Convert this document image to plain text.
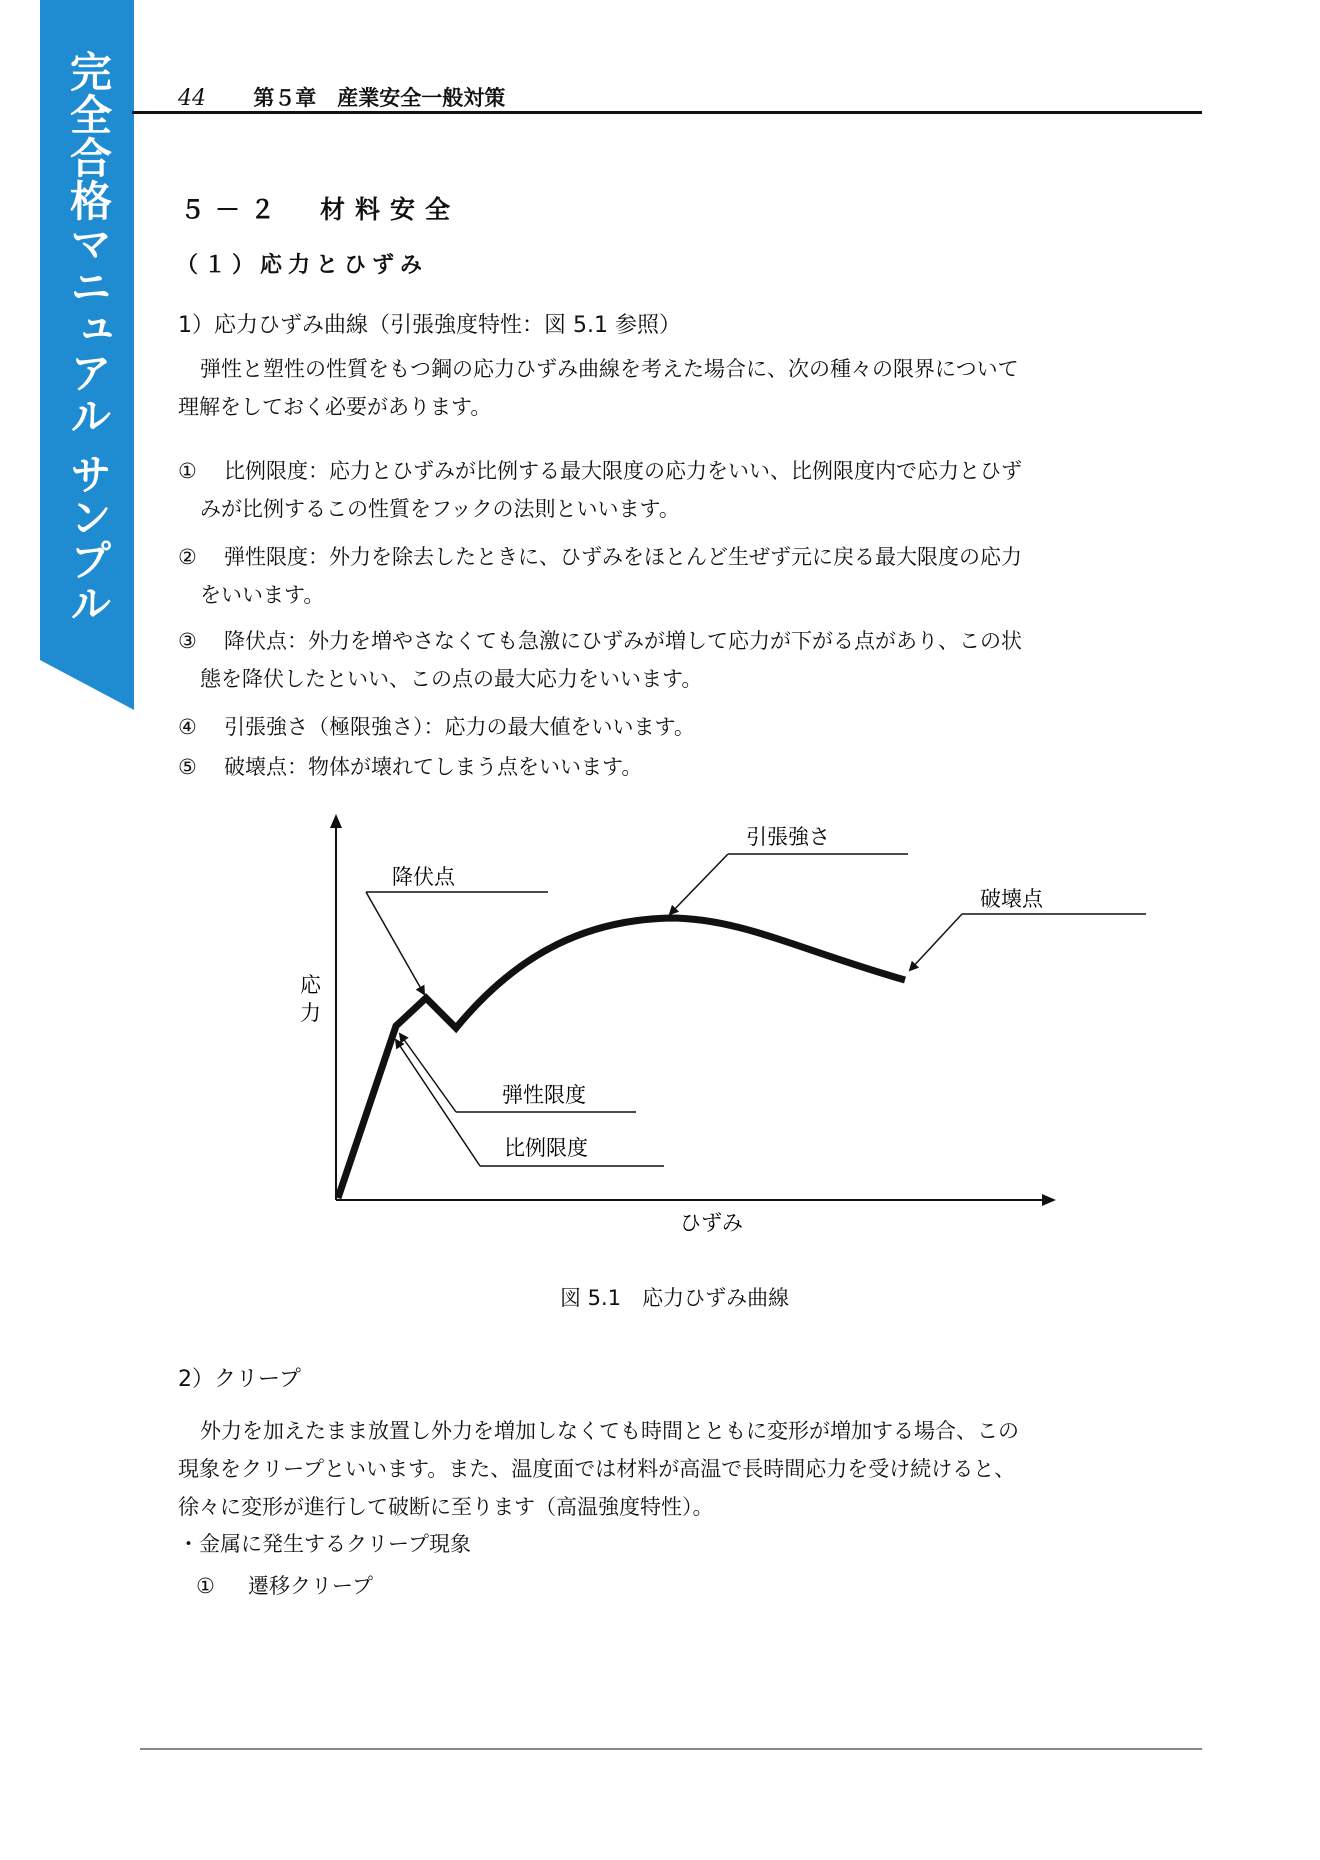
完全合格マニュアル サンプル	44 第５章　産業安全一般対策
５－２　材料安全
（１）応力とひずみ
1）応力ひずみ曲線（引張強度特性：図 5.1 参照）
弾性と塑性の性質をもつ鋼の応力ひずみ曲線を考えた場合に、次の種々の限界について
理解をしておく必要があります。
① 比例限度：応力とひずみが比例する最大限度の応力をいい、比例限度内で応力とひず
みが比例するこの性質をフックの法則といいます。
② 弾性限度：外力を除去したときに、ひずみをほとんど生ぜず元に戻る最大限度の応力
をいいます。
③ 降伏点：外力を増やさなくても急激にひずみが増して応力が下がる点があり、この状
態を降伏したといい、この点の最大応力をいいます。
④ 引張強さ（極限強さ）：応力の最大値をいいます。
⑤ 破壊点：物体が壊れてしまう点をいいます。
応
力
ひずみ
降伏点
引張強さ
破壊点
弾性限度
比例限度
図 5.1　応力ひずみ曲線
2）クリープ
外力を加えたまま放置し外力を増加しなくても時間とともに変形が増加する場合、この
現象をクリープといいます。また、温度面では材料が高温で長時間応力を受け続けると、
徐々に変形が進行して破断に至ります（高温強度特性）。
・金属に発生するクリープ現象
① 遷移クリープ
